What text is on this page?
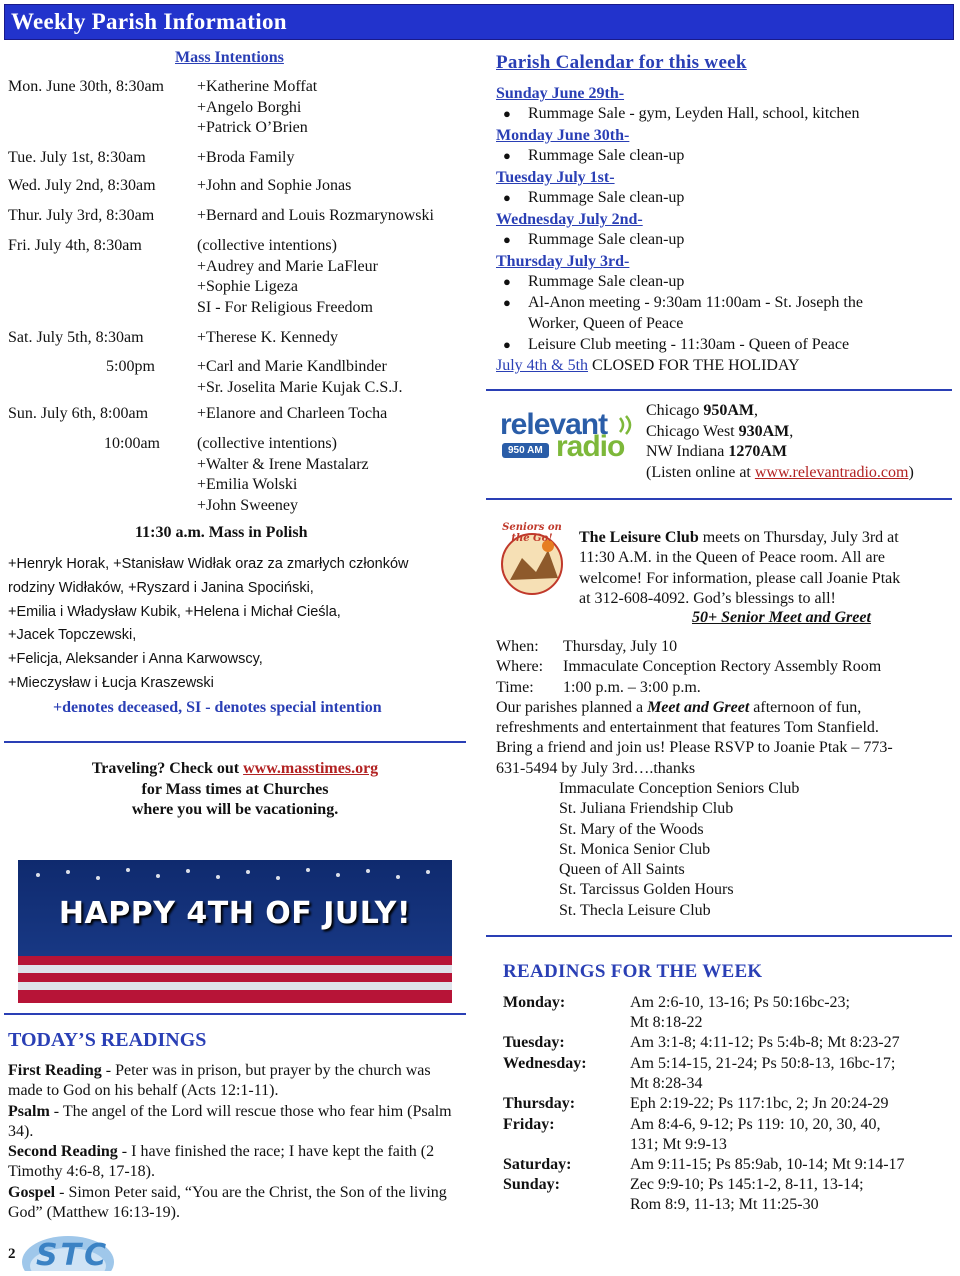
Weekly Parish Information
Mass Intentions
Mon. June 30th, 8:30am +Katherine Moffat
+Angelo Borghi
+Patrick O’Brien
Tue. July 1st, 8:30am	+Broda Family
Wed. July 2nd, 8:30am	+John and Sophie Jonas
Thur. July 3rd, 8:30am	+Bernard and Louis Rozmarynowski
Fri. July 4th, 8:30am	(collective intentions)
+Audrey and Marie LaFleur
+Sophie Ligeza
SI - For Religious Freedom
Sat. July 5th, 8:30am	+Therese K. Kennedy
5:00pm	+Carl and Marie Kandlbinder
+Sr. Joselita Marie Kujak C.S.J.
Sun. July 6th, 8:00am	+Elanore and Charleen Tocha
10:00am (collective intentions)
+Walter & Irene Mastalarz
+Emilia Wolski
+John Sweeney
11:30 a.m. Mass in Polish
+Henryk Horak, +Stanisław Widłak oraz za zmarłych członków
rodziny Widłaków, +Ryszard i Janina Spociński,
+Emilia i Władysław Kubik, +Helena i Michał Cieśla,
+Jacek Topczewski,
+Felicja, Aleksander i Anna Karwowscy,
+Mieczysław i Łucja Kraszewski
+denotes deceased, SI - denotes special intention
Traveling? Check out www.masstimes.org
for Mass times at Churches
where you will be vacationing.
HAPPY 4TH OF JULY!
TODAY’S READINGS
First Reading - Peter was in prison, but prayer by the church was made to God on his behalf (Acts 12:1-11).
Psalm - The angel of the Lord will rescue those who fear him (Psalm 34).
Second Reading - I have finished the race; I have kept the faith (2 Timothy 4:6-8, 17-18).
Gospel - Simon Peter said, “You are the Christ, the Son of the living God” (Matthew 16:13-19).
2 STC
Parish Calendar for this week
Sunday June 29th-
● Rummage Sale - gym, Leyden Hall, school, kitchen
Monday June 30th-
● Rummage Sale clean-up
Tuesday July 1st-
● Rummage Sale clean-up
Wednesday July 2nd-
● Rummage Sale clean-up
Thursday July 3rd-
● Rummage Sale clean-up
● Al-Anon meeting - 9:30am 11:00am - St. Joseph the
Worker, Queen of Peace
● Leisure Club meeting - 11:30am - Queen of Peace
July 4th & 5th CLOSED FOR THE HOLIDAY
relevant
950 AM radio
Chicago 950AM,
Chicago West 930AM,
NW Indiana 1270AM
(Listen online at www.relevantradio.com)
Seniors on the Go!	The Leisure Club meets on Thursday, July 3rd at
11:30 A.M. in the Queen of Peace room. All are
welcome! For information, please call Joanie Ptak
at 312-608-4092. God’s blessings to all!
50+ Senior Meet and Greet
When: Thursday, July 10
Where: Immaculate Conception Rectory Assembly Room
Time: 1:00 p.m. – 3:00 p.m.
Our parishes planned a Meet and Greet afternoon of fun,
refreshments and entertainment that features Tom Stanfield.
Bring a friend and join us! Please RSVP to Joanie Ptak – 773-
631-5494 by July 3rd….thanks
Immaculate Conception Seniors Club
St. Juliana Friendship Club
St. Mary of the Woods
St. Monica Senior Club
Queen of All Saints
St. Tarcissus Golden Hours
St. Thecla Leisure Club
READINGS FOR THE WEEK
Monday:	Am 2:6-10, 13-16; Ps 50:16bc-23;
Mt 8:18-22
Tuesday:	Am 3:1-8; 4:11-12; Ps 5:4b-8; Mt 8:23-27
Wednesday:	Am 5:14-15, 21-24; Ps 50:8-13, 16bc-17;
Mt 8:28-34
Thursday:	Eph 2:19-22; Ps 117:1bc, 2; Jn 20:24-29
Friday:	Am 8:4-6, 9-12; Ps 119: 10, 20, 30, 40,
131; Mt 9:9-13
Saturday:	Am 9:11-15; Ps 85:9ab, 10-14; Mt 9:14-17
Sunday:	Zec 9:9-10; Ps 145:1-2, 8-11, 13-14;
Rom 8:9, 11-13; Mt 11:25-30
